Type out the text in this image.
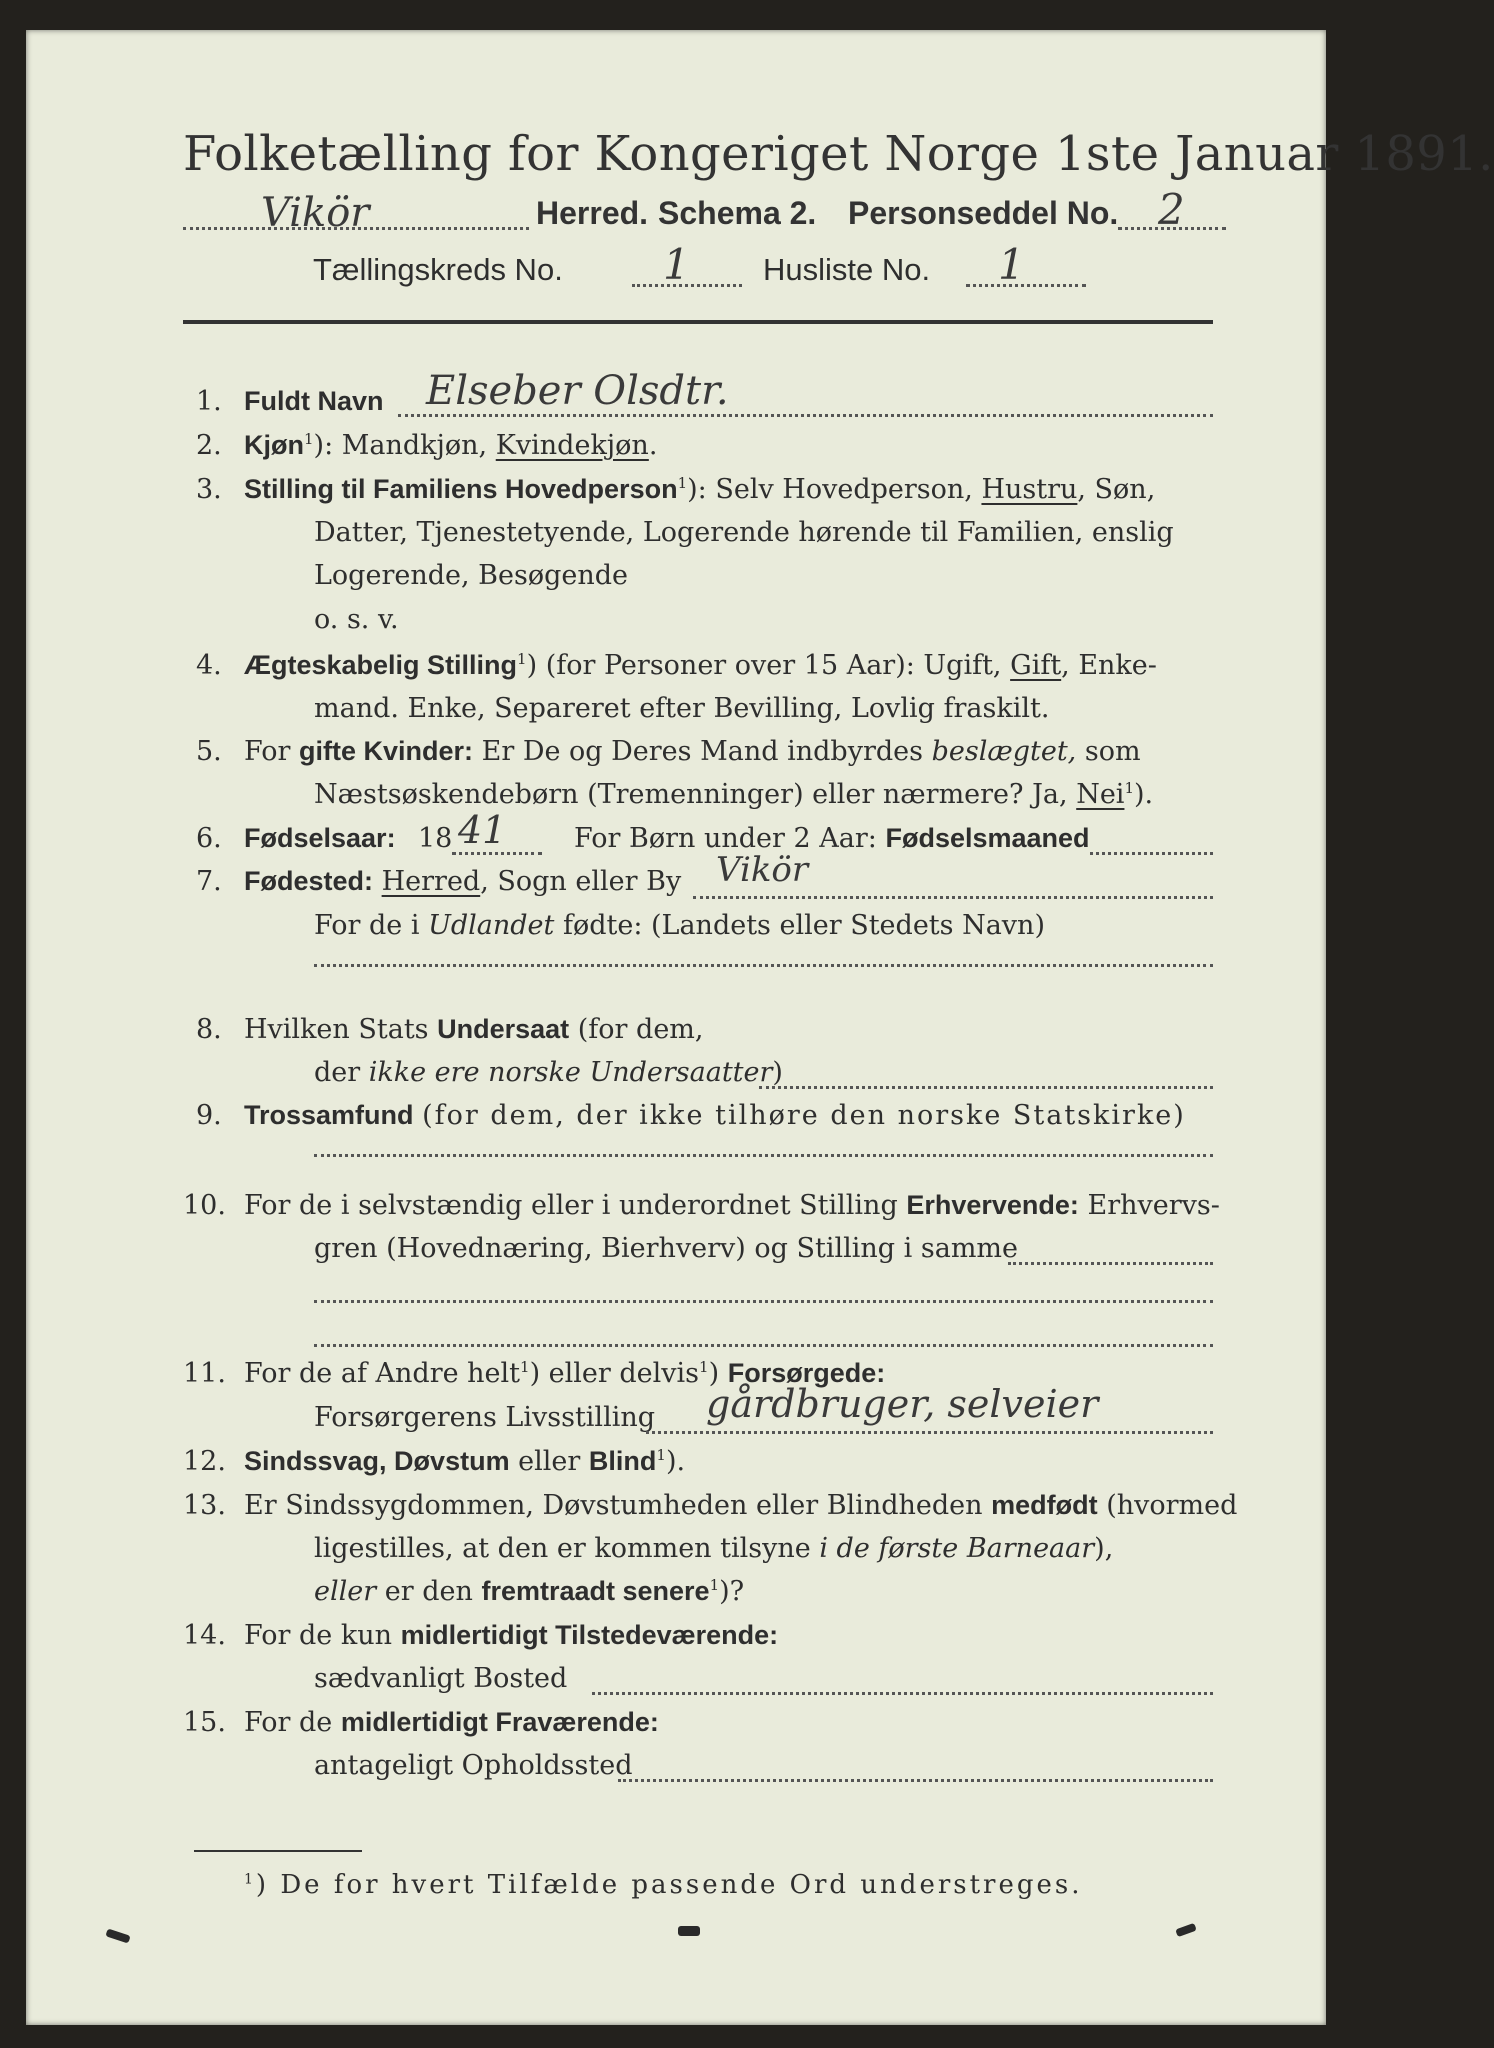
Folketælling for Kongeriget Norge 1ste Januar 1891.
Vikör	Herred. Schema 2. Personseddel No. 2
Tællingskreds No. 1 Husliste No. 1
1. Fuldt Navn Elseber Olsdtr.
2. Kjøn$^1$): Mandkjøn, Kvindekjøn.
3. Stilling til Familiens Hovedperson$^1$): Selv Hovedperson, Hustru, Søn,
Datter, Tjenestetyende, Logerende hørende til Familien, enslig
Logerende, Besøgende
o. s. v.
4. Ægteskabelig Stilling$^1$) (for Personer over 15 Aar): Ugift, Gift, Enke-
mand. Enke, Separeret efter Bevilling, Lovlig fraskilt.
5. For gifte Kvinder: Er De og Deres Mand indbyrdes beslægtet, som
Næstsøskendebørn (Tremenninger) eller nærmere? Ja, Nei$^1$).
6. Fødselsaar: 18 41	For Børn under 2 Aar: Fødselsmaaned
7. Fødested: Herred, Sogn eller By Vikör
For de i Udlandet fødte: (Landets eller Stedets Navn)
8. Hvilken Stats Undersaat (for dem,
der ikke ere norske Undersaatter)
9. Trossamfund (for dem, der ikke tilhøre den norske Statskirke)
10. For de i selvstændig eller i underordnet Stilling Erhvervende: Erhvervs-
gren (Hovednæring, Bierhverv) og Stilling i samme
11. For de af Andre helt$^1$) eller delvis$^1$) Forsørgede:
Forsørgerens Livsstilling gårdbruger, selveier
12. Sindssvag, Døvstum eller Blind$^1$).
13. Er Sindssygdommen, Døvstumheden eller Blindheden medfødt (hvormed
ligestilles, at den er kommen tilsyne i de første Barneaar),
eller er den fremtraadt senere$^1$)?
14. For de kun midlertidigt Tilstedeværende:
sædvanligt Bosted
15. For de midlertidigt Fraværende:
antageligt Opholdssted
$^1$) De for hvert Tilfælde passende Ord understreges.
